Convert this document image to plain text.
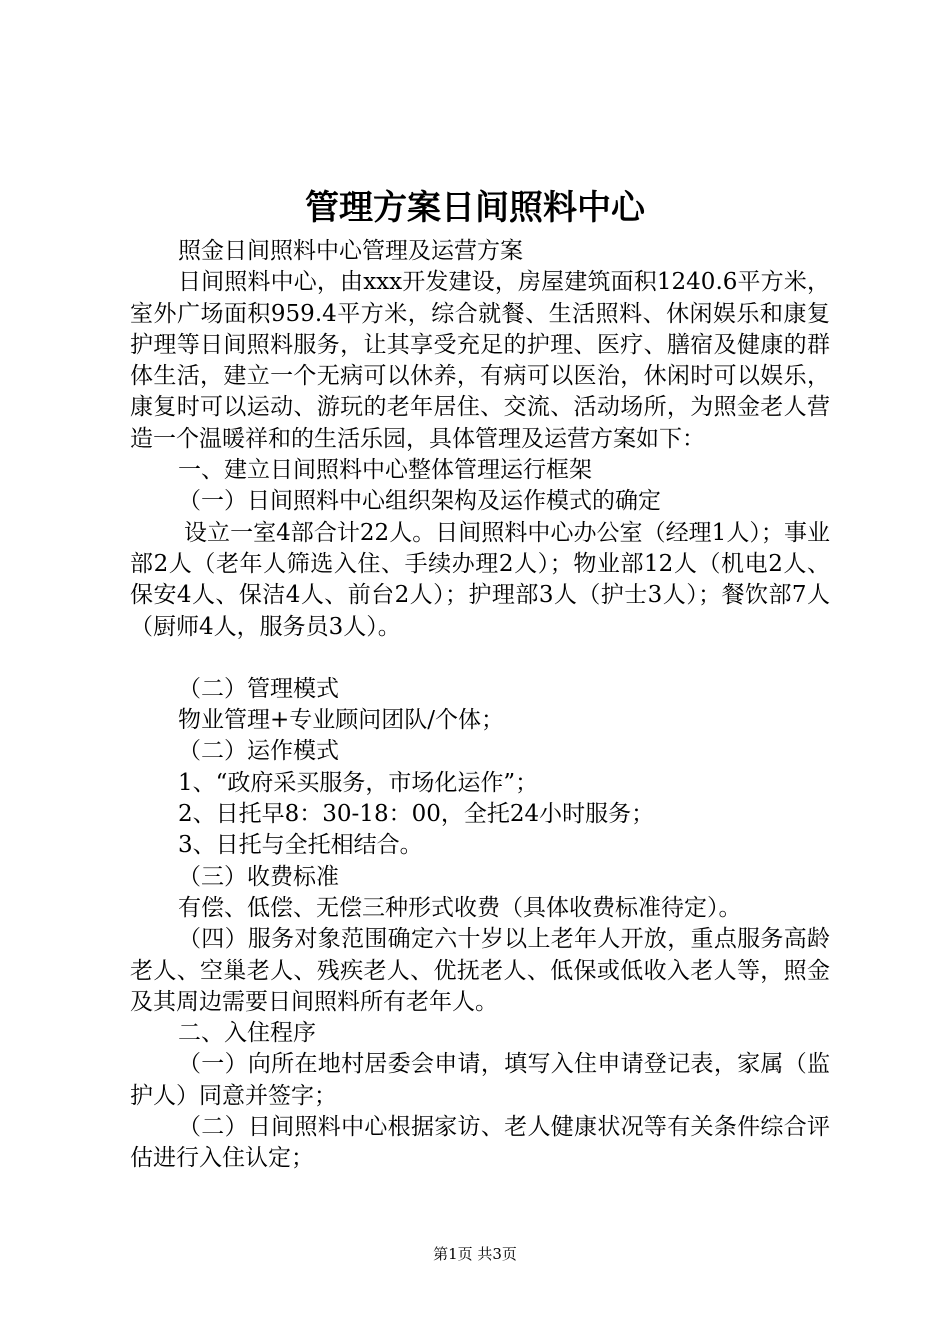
管理方案日间照料中心

照金日间照料中心管理及运营方案

日间照料中心，由xxx开发建设，房屋建筑面积1240.6平方米，室外广场面积959.4平方米，综合就餐、生活照料、休闲娱乐和康复护理等日间照料服务，让其享受充足的护理、医疗、膳宿及健康的群体生活，建立一个无病可以休养，有病可以医治，休闲时可以娱乐，康复时可以运动、游玩的老年居住、交流、活动场所，为照金老人营造一个温暖祥和的生活乐园，具体管理及运营方案如下：

一、建立日间照料中心整体管理运行框架

（一）日间照料中心组织架构及运作模式的确定

设立一室4部合计22人。日间照料中心办公室（经理1人）；事业部2人（老年人筛选入住、手续办理2人）；物业部12人（机电2人、保安4人、保洁4人、前台2人）；护理部3人（护士3人）；餐饮部7人（厨师4人，服务员3人）。

（二）管理模式

物业管理+专业顾问团队/个体；

（二）运作模式

1、“政府采买服务，市场化运作”；

2、日托早8：30-18：00，全托24小时服务；

3、日托与全托相结合。

（三）收费标准

有偿、低偿、无偿三种形式收费（具体收费标准待定）。

（四）服务对象范围确定六十岁以上老年人开放，重点服务高龄老人、空巢老人、残疾老人、优抚老人、低保或低收入老人等，照金及其周边需要日间照料所有老年人。

二、入住程序

（一）向所在地村居委会申请，填写入住申请登记表，家属（监护人）同意并签字；

（二）日间照料中心根据家访、老人健康状况等有关条件综合评估进行入住认定；

第1页 共3页
